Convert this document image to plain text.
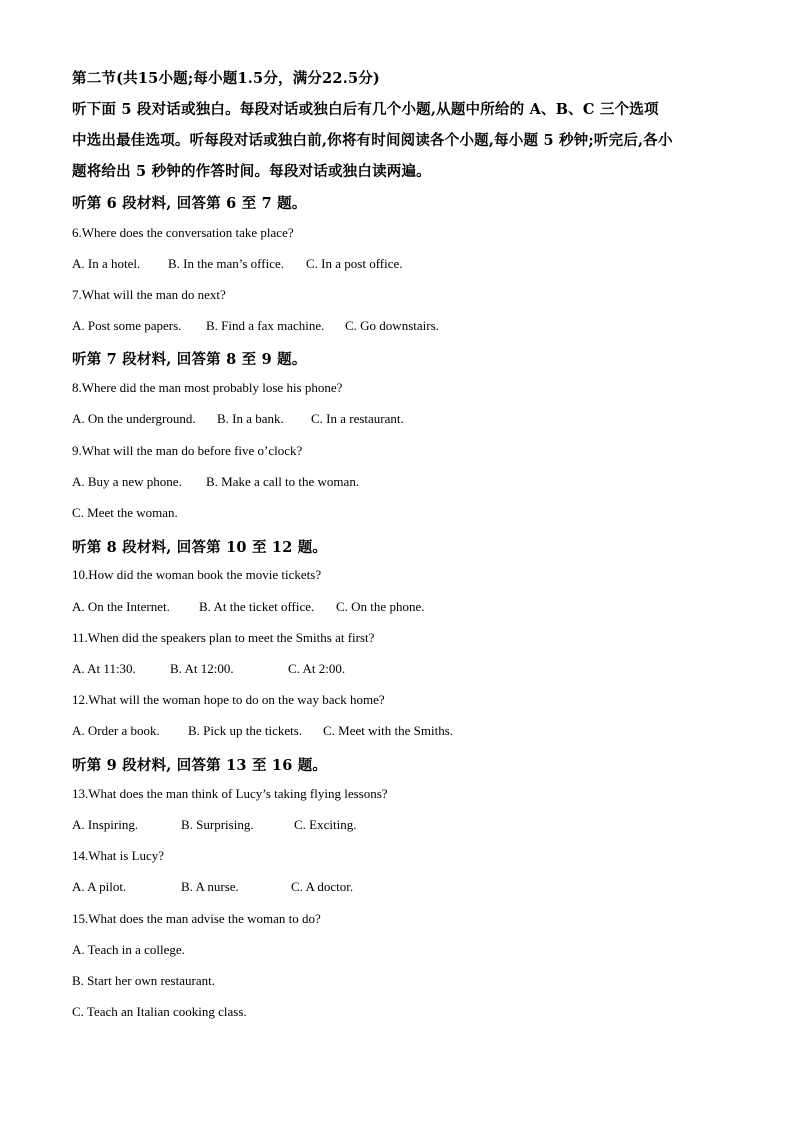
第二节(共15小题;每小题1.5分，满分22.5分)
听下面 5 段对话或独白。每段对话或独白后有几个小题,从题中所给的 A、B、C 三个选项
中选出最佳选项。听每段对话或独白前,你将有时间阅读各个小题,每小题 5 秒钟;听完后,各小
题将给出 5 秒钟的作答时间。每段对话或独白读两遍。
听第 6 段材料, 回答第 6 至 7 题。
6.Where does the conversation take place?
A. In a hotel. B. In the man’s office. C. In a post office.
7.What will the man do next?
A. Post some papers. B. Find a fax machine. C. Go downstairs.
听第 7 段材料, 回答第 8 至 9 题。
8.Where did the man most probably lose his phone?
A. On the underground. B. In a bank. C. In a restaurant.
9.What will the man do before five o’clock?
A. Buy a new phone. B. Make a call to the woman.
C. Meet the woman.
听第 8 段材料, 回答第 10 至 12 题。
10.How did the woman book the movie tickets?
A. On the Internet. B. At the ticket office. C. On the phone.
11.When did the speakers plan to meet the Smiths at first?
A. At 11:30.	B. At 12:00.	C. At 2:00.
12.What will the woman hope to do on the way back home?
A. Order a book. B. Pick up the tickets. C. Meet with the Smiths.
听第 9 段材料, 回答第 13 至 16 题。
13.What does the man think of Lucy’s taking flying lessons?
A. Inspiring.	B. Surprising.	C. Exciting.
14.What is Lucy?
A. A pilot.	B. A nurse.	C. A doctor.
15.What does the man advise the woman to do?
A. Teach in a college.
B. Start her own restaurant.
C. Teach an Italian cooking class.
